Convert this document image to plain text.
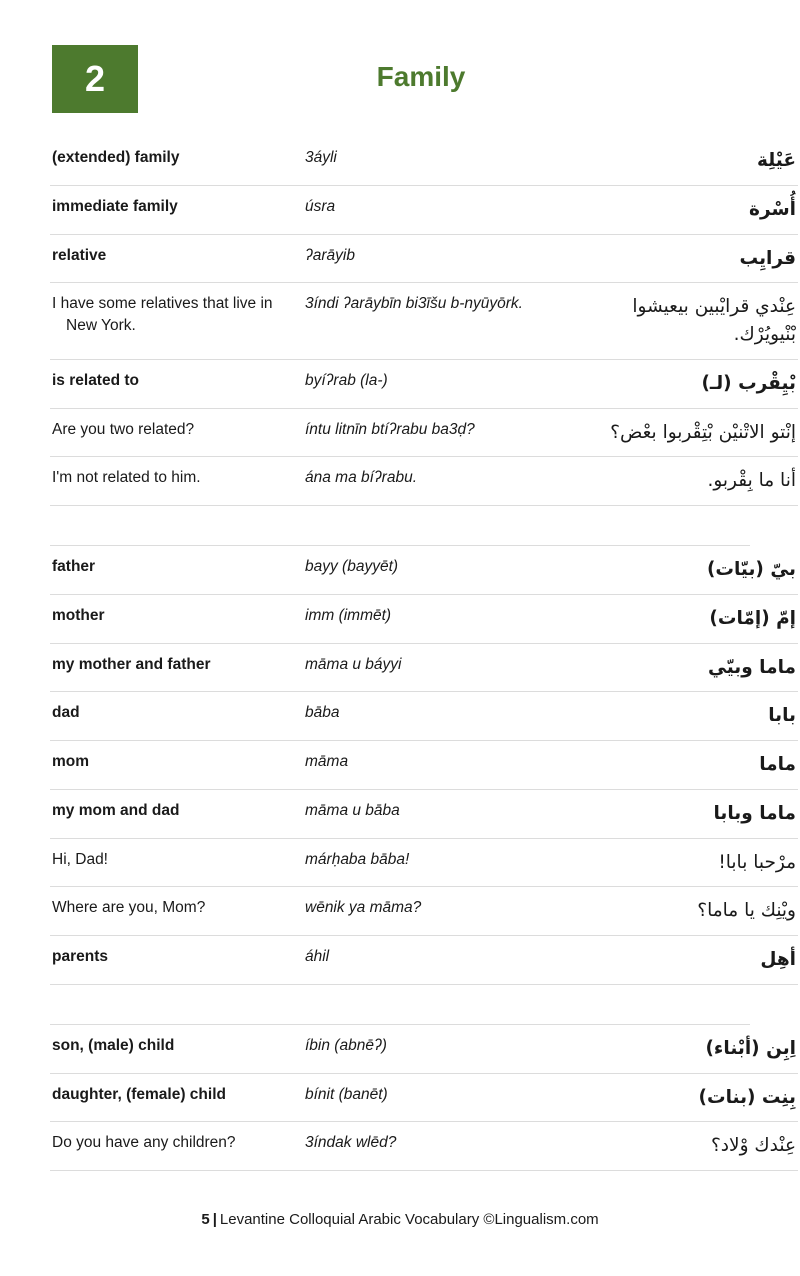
2	Family
(extended) family	3áyli	عَيْلِة
immediate family	úsra	أُسْرة
relative	ʔarāyib	قرايِب
I have some relatives that live in New York.	3índi ʔarāybīn bi3īšu b-nyūyōrk.	عِنْدي قرايْبين بيعيشوا بْنْيويُرْك.
is related to	byíʔrab (la-)	بْيِقْرب (لـ)
Are you two related?	íntu litnīn btíʔrabu ba3ḍ?	إنْتو الاتْنيْن بْتِقْربوا بعْض؟
I'm not related to him.	ána ma bíʔrabu.	أنا ما بِقْربو.
father	bayy (bayyēt)	بيّ (بيّات)
mother	imm (immēt)	إمّ (إمّات)
my mother and father	māma u báyyi	ماما وبيّي
dad	bāba	بابا
mom	māma	ماما
my mom and dad	māma u bāba	ماما وبابا
Hi, Dad!	márḥaba bāba!	مرْحبا بابا!
Where are you, Mom?	wēnik ya māma?	ويْنِك يا ماما؟
parents	áhil	أهِل
son, (male) child	íbin (abnēʔ)	اِبِن (أبْناء)
daughter, (female) child	bínit (banēt)	بِنِت (بنات)
Do you have any children?	3índak wlēd?	عِنْدك وْلاد؟
5 | Levantine Colloquial Arabic Vocabulary ©Lingualism.com
